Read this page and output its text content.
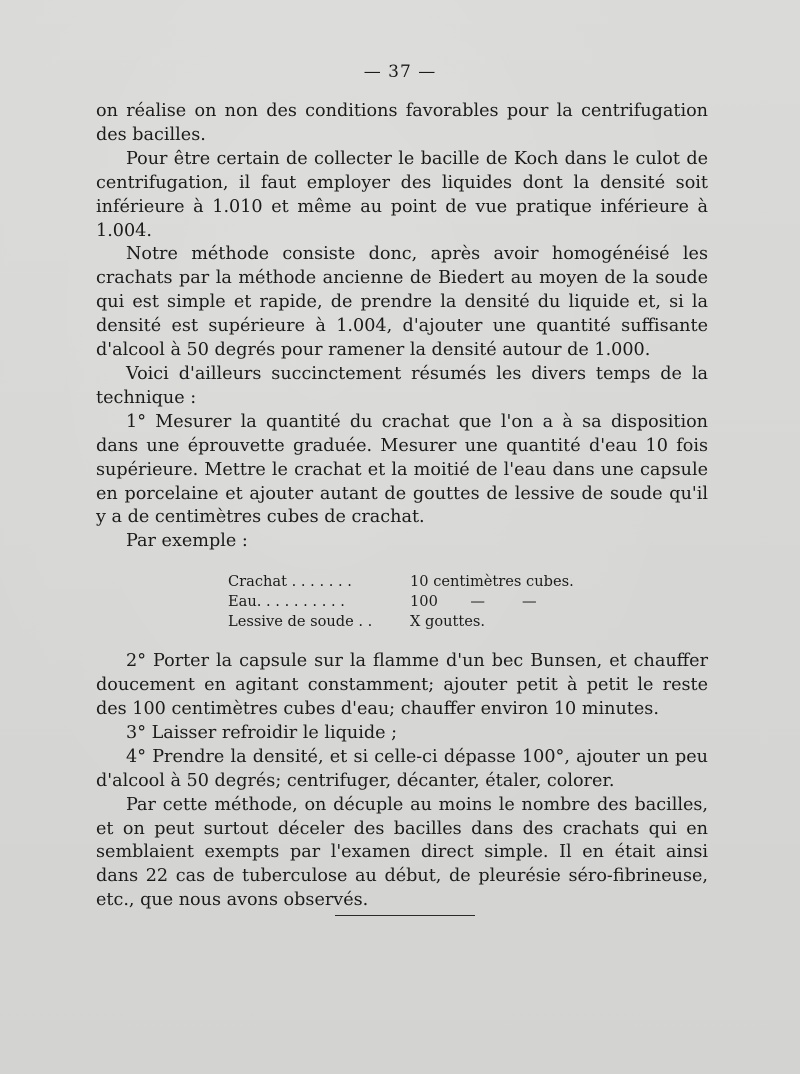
— 37 —

on réalise on non des conditions favorables pour la centrifugation des bacilles.

Pour être certain de collecter le bacille de Koch dans le culot de centrifugation, il faut employer des liquides dont la densité soit inférieure à 1.010 et même au point de vue pratique inférieure à 1.004.

Notre méthode consiste donc, après avoir homogénéisé les crachats par la méthode ancienne de Biedert au moyen de la soude qui est simple et rapide, de prendre la densité du liquide et, si la densité est supérieure à 1.004, d'ajouter une quantité suffisante d'alcool à 50 degrés pour ramener la densité autour de 1.000.

Voici d'ailleurs succinctement résumés les divers temps de la technique :

1° Mesurer la quantité du crachat que l'on a à sa disposition dans une éprouvette graduée. Mesurer une quantité d'eau 10 fois supérieure. Mettre le crachat et la moitié de l'eau dans une capsule en porcelaine et ajouter autant de gouttes de lessive de soude qu'il y a de centimètres cubes de crachat.

Par exemple :

Crachat . . . . . . .	10 centimètres cubes.
Eau. . . . . . . . . .	100       —        —
Lessive de soude . .	X gouttes.

2° Porter la capsule sur la flamme d'un bec Bunsen, et chauffer doucement en agitant constamment; ajouter petit à petit le reste des 100 centimètres cubes d'eau; chauffer environ 10 minutes.

3° Laisser refroidir le liquide ;

4° Prendre la densité, et si celle-ci dépasse 100°, ajouter un peu d'alcool à 50 degrés; centrifuger, décanter, étaler, colorer.

Par cette méthode, on décuple au moins le nombre des bacilles, et on peut surtout déceler des bacilles dans des crachats qui en semblaient exempts par l'examen direct simple. Il en était ainsi dans 22 cas de tuberculose au début, de pleurésie séro-fibrineuse, etc., que nous avons observés.
